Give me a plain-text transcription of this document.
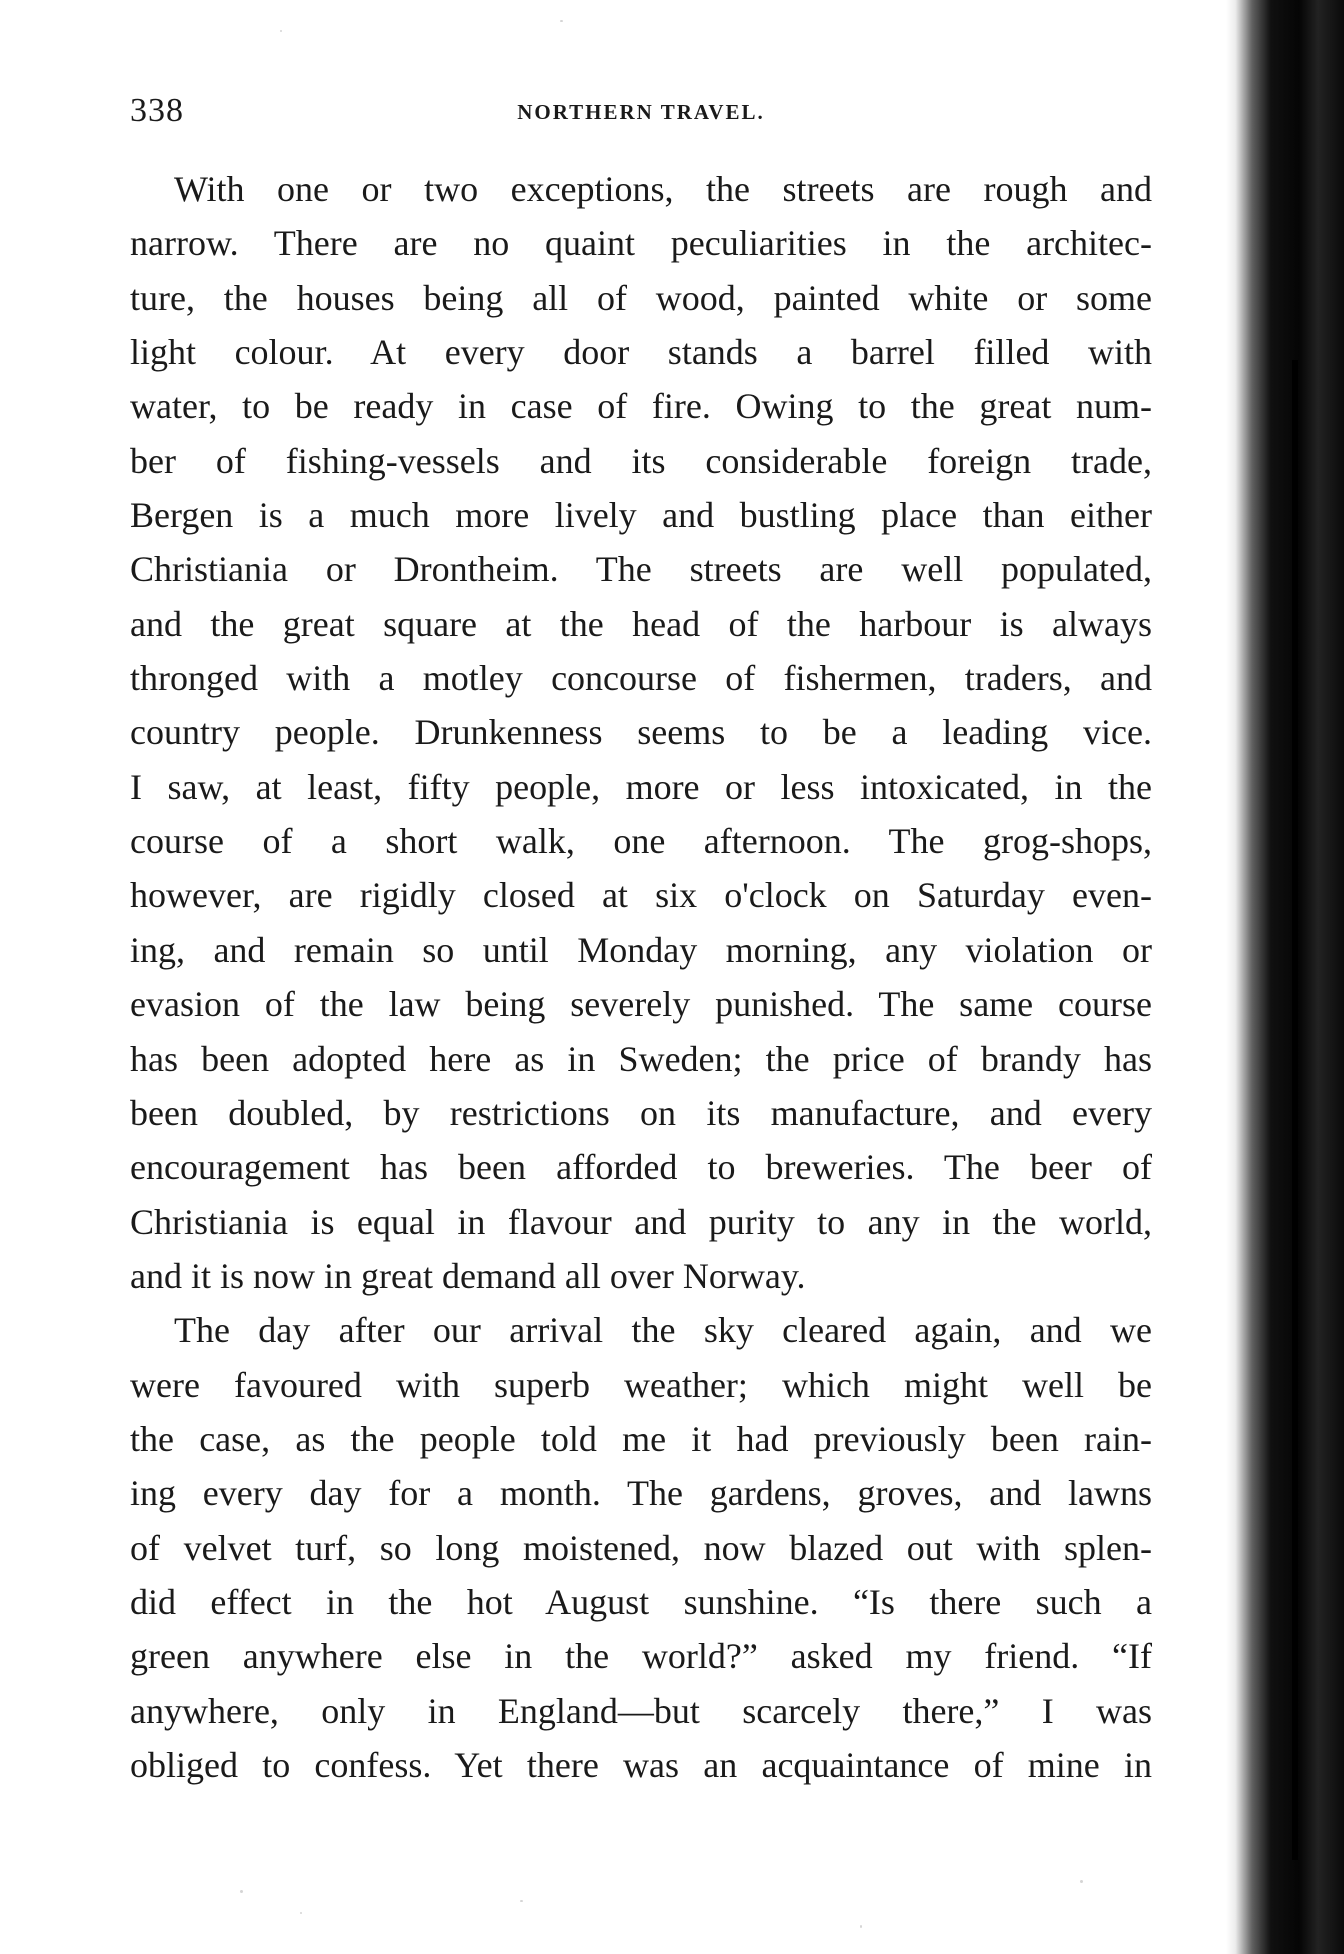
338	NORTHERN TRAVEL.
With one or two exceptions, the streets are rough and
narrow. There are no quaint peculiarities in the architec-
ture, the houses being all of wood, painted white or some
light colour. At every door stands a barrel filled with
water, to be ready in case of fire. Owing to the great num-
ber of fishing-vessels and its considerable foreign trade,
Bergen is a much more lively and bustling place than either
Christiania or Drontheim. The streets are well populated,
and the great square at the head of the harbour is always
thronged with a motley concourse of fishermen, traders, and
country people. Drunkenness seems to be a leading vice.
I saw, at least, fifty people, more or less intoxicated, in the
course of a short walk, one afternoon. The grog-shops,
however, are rigidly closed at six o'clock on Saturday even-
ing, and remain so until Monday morning, any violation or
evasion of the law being severely punished. The same course
has been adopted here as in Sweden; the price of brandy has
been doubled, by restrictions on its manufacture, and every
encouragement has been afforded to breweries. The beer of
Christiania is equal in flavour and purity to any in the world,
and it is now in great demand all over Norway.
The day after our arrival the sky cleared again, and we
were favoured with superb weather; which might well be
the case, as the people told me it had previously been rain-
ing every day for a month. The gardens, groves, and lawns
of velvet turf, so long moistened, now blazed out with splen-
did effect in the hot August sunshine. “Is there such a
green anywhere else in the world?” asked my friend. “If
anywhere, only in England—but scarcely there,” I was
obliged to confess. Yet there was an acquaintance of mine in
